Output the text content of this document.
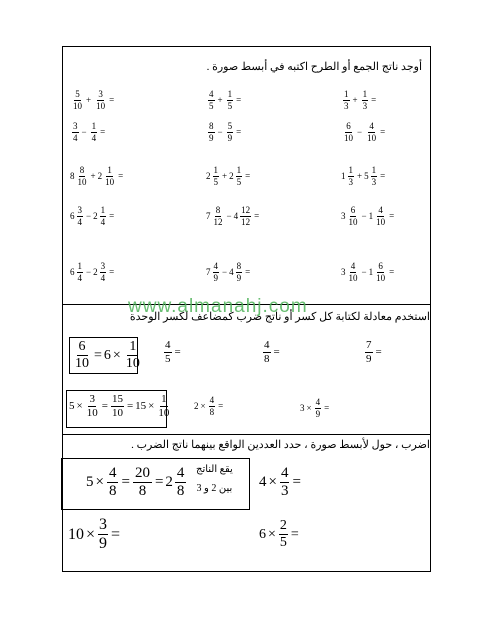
www.almanahj.com
أوجد ناتج الجمع أو الطرح اكتبه في أبسط صورة .
$\frac{5}{10} + \frac{3}{10}$ =	$\frac{4}{5} + \frac{1}{5}$ =	$\frac{1}{3} + \frac{1}{3}$ =
$\frac{3}{4} - \frac{1}{4}$ =	$\frac{8}{9} - \frac{5}{9}$ =	$\frac{6}{10} - \frac{4}{10}$ =
$8 \frac{8}{10} + 2 \frac{1}{10}$ =	$2 \frac{1}{5} + 2 \frac{1}{5}$ =	$1 \frac{1}{3} + 5 \frac{1}{3}$ =
$6 \frac{3}{4} - 2 \frac{1}{4}$ =	$7 \frac{8}{12} - 4 \frac{12}{12}$ =	$3 \frac{6}{10} - 1 \frac{4}{10}$ =
$6 \frac{1}{4} - 2 \frac{3}{4}$ =	$7 \frac{4}{9} - 4 \frac{8}{9}$ =	$3 \frac{4}{10} - 1 \frac{6}{10}$ =
استخدم معادلة لكتابة كل كسر أو ناتج ضرب كمضاعف لكسر الوحدة
$\frac{6}{10} = 6 \times \frac{1}{10}$
$5 \times \frac{3}{10} = \frac{15}{10} = 15 \times \frac{1}{10}$
$\frac{4}{5}$ =	$\frac{4}{8}$ =	$\frac{7}{9}$ =
$2 \times \frac{4}{8}$ =	$3 \times \frac{4}{9}$ =
اضرب ، حول لأبسط صورة ، حدد العددين الواقع بينهما ناتج الضرب .
$5 \times \frac{4}{8} = \frac{20}{8} = 2 \frac{4}{8}$ يقع الناتج
بين 2 و 3 $4 \times \frac{4}{3}$ =
$10 \times \frac{3}{9}$ =	$6 \times \frac{2}{5}$ =
